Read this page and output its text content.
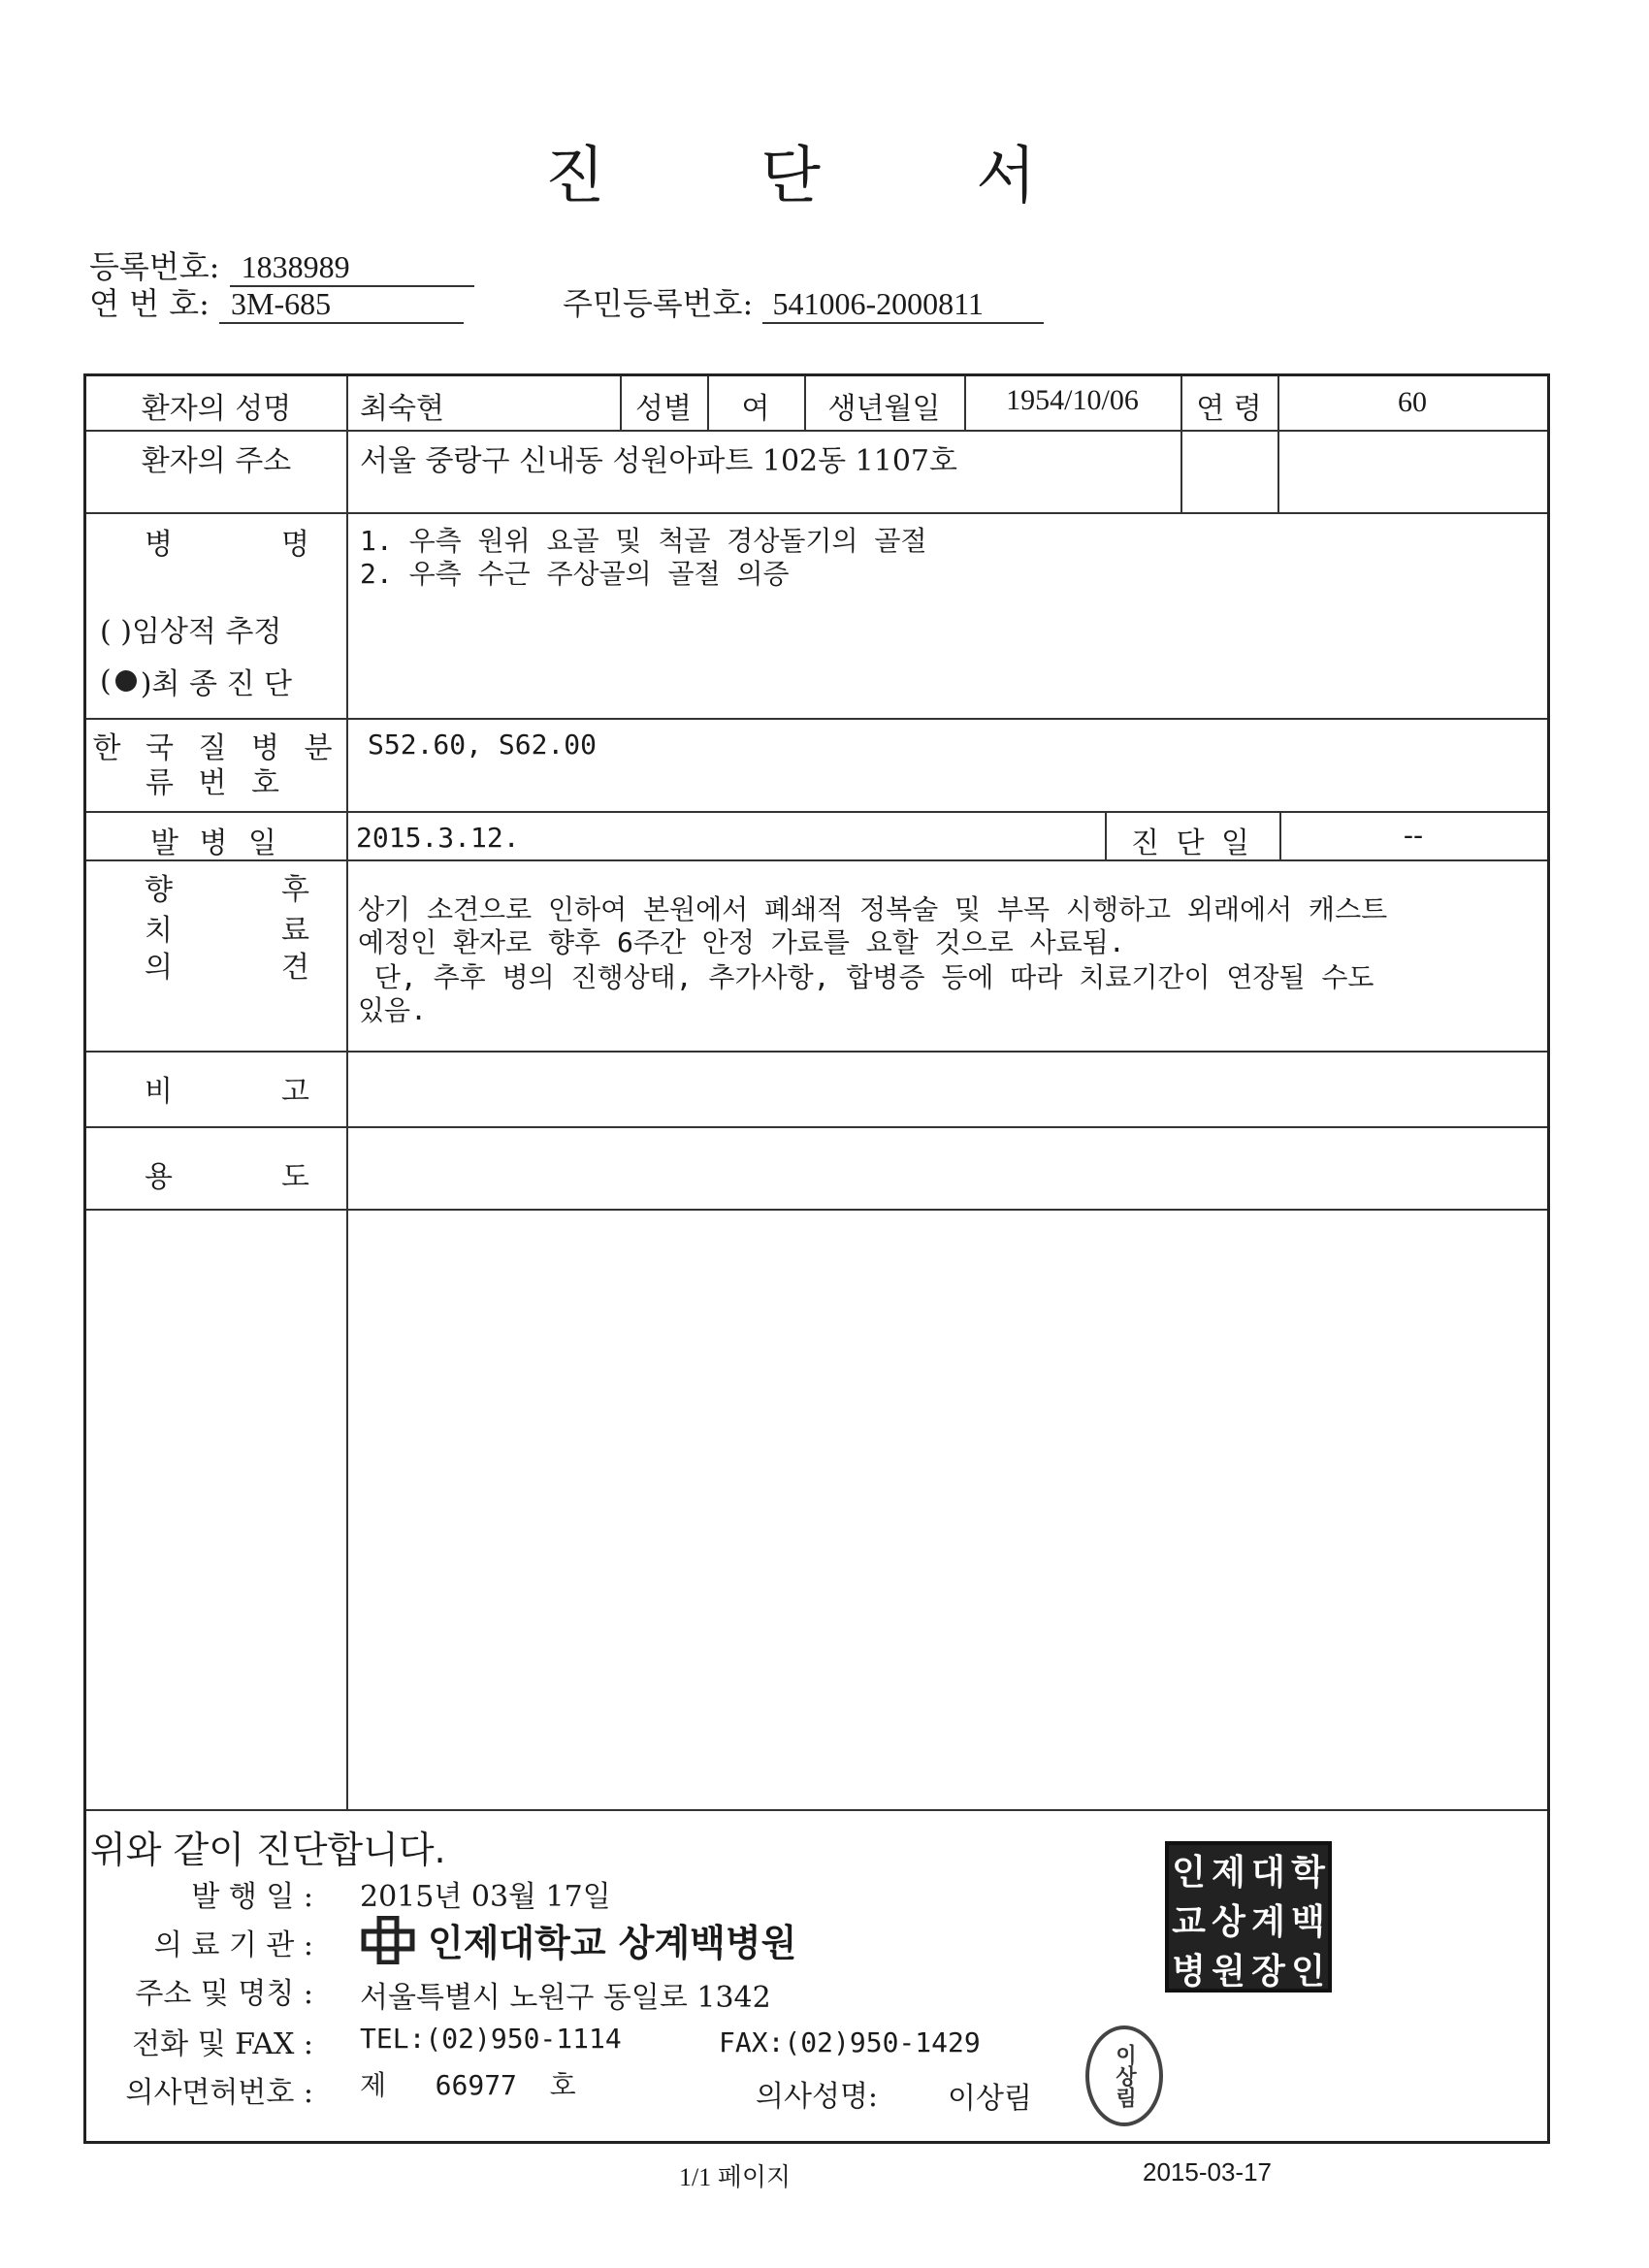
진 단 서
등록번호: 1838989
연 번 호: 3M-685	주민등록번호: 541006-2000811
환자의 성명	최숙현	성별	여	생년월일	1954/10/06	연 령	60
환자의 주소	서울 중랑구 신내동 성원아파트 102동 1107호
병	명
( )임상적 추정
( )최 종 진 단
1. 우측 원위 요골 및 척골 경상돌기의 골절
2. 우측 수근 주상골의 골절 의증
한 국 질 병 분
류 번 호
S52.60, S62.00
발 병 일	2015.3.12.	진 단 일	--
향	후
치	료
의	견
상기 소견으로 인하여 본원에서 폐쇄적 정복술 및 부목 시행하고 외래에서 캐스트
예정인 환자로 향후 6주간 안정 가료를 요할 것으로 사료됨.
단, 추후 병의 진행상태, 추가사항, 합병증 등에 따라 치료기간이 연장될 수도
있음.
비	고
용	도
위와 같이 진단합니다.
발 행 일 : 2015년 03월 17일
의 료 기 관 :	인제대학교 상계백병원
주소 및 명칭 : 서울특별시 노원구 동일로 1342
전화 및 FAX : TEL:(02)950-1114	FAX:(02)950-1429
의사면허번호 : 제   66977  호	의사성명: 이상림
인 제 대 학
교 상 계 백
병 원 장 인
이상림
1/1 페이지	2015-03-17
